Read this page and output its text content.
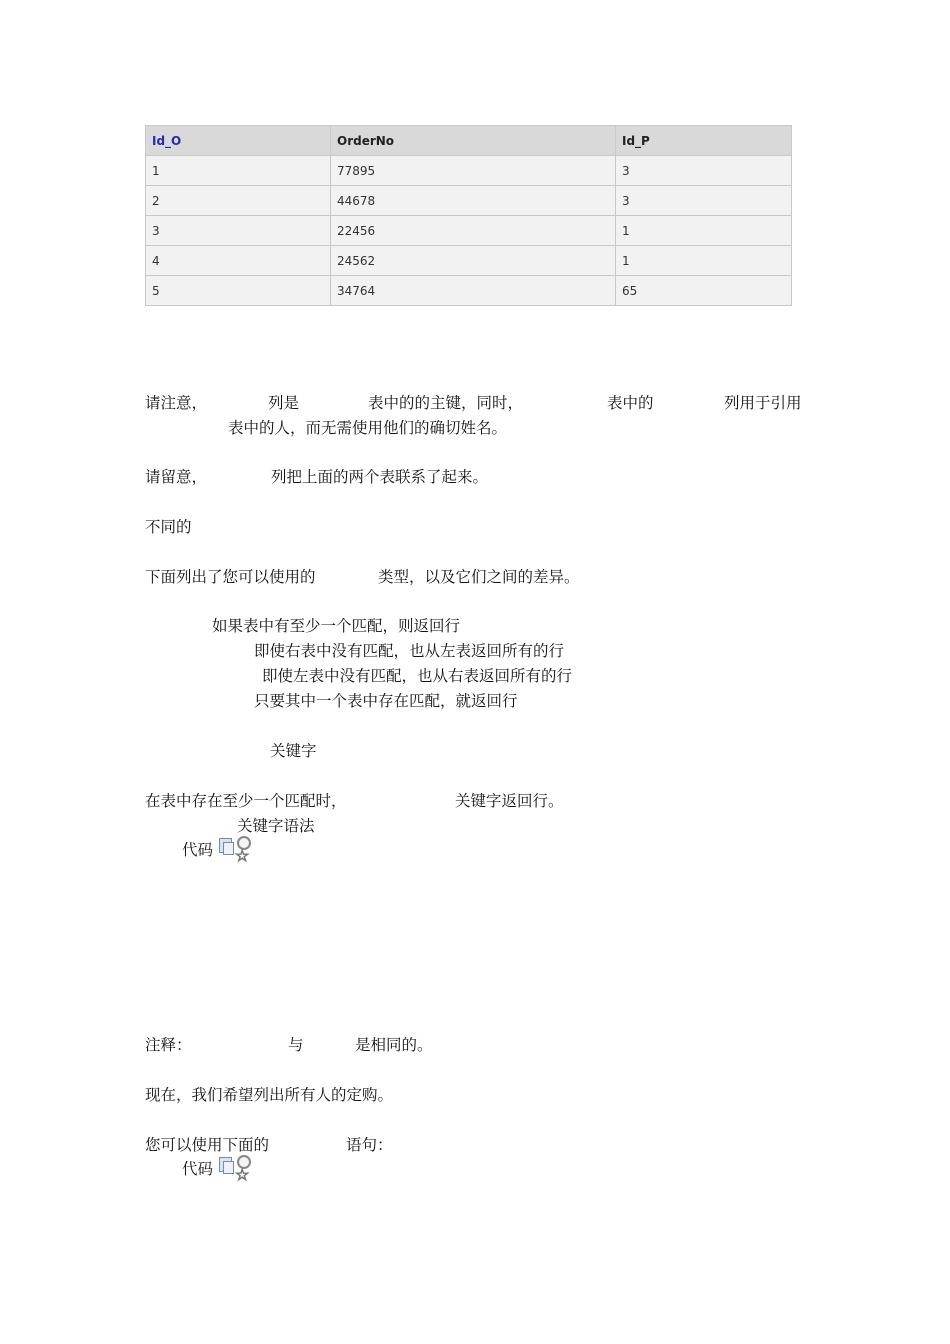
Id_O	OrderNo	Id_P
1	77895	3
2	44678	3
3	22456	1
4	24562	1
5	34764	65
请注意，	列是	表中的的主键，同时，	表中的	列用于引用
表中的人，而无需使用他们的确切姓名。
请留意，	列把上面的两个表联系了起来。
不同的
下面列出了您可以使用的	类型，以及它们之间的差异。
如果表中有至少一个匹配，则返回行
即使右表中没有匹配，也从左表返回所有的行
即使左表中没有匹配，也从右表返回所有的行
只要其中一个表中存在匹配，就返回行
关键字
在表中存在至少一个匹配时，	关键字返回行。
关键字语法
代码 ☆
注释：	与	是相同的。
现在，我们希望列出所有人的定购。
您可以使用下面的	语句：
代码 ☆
